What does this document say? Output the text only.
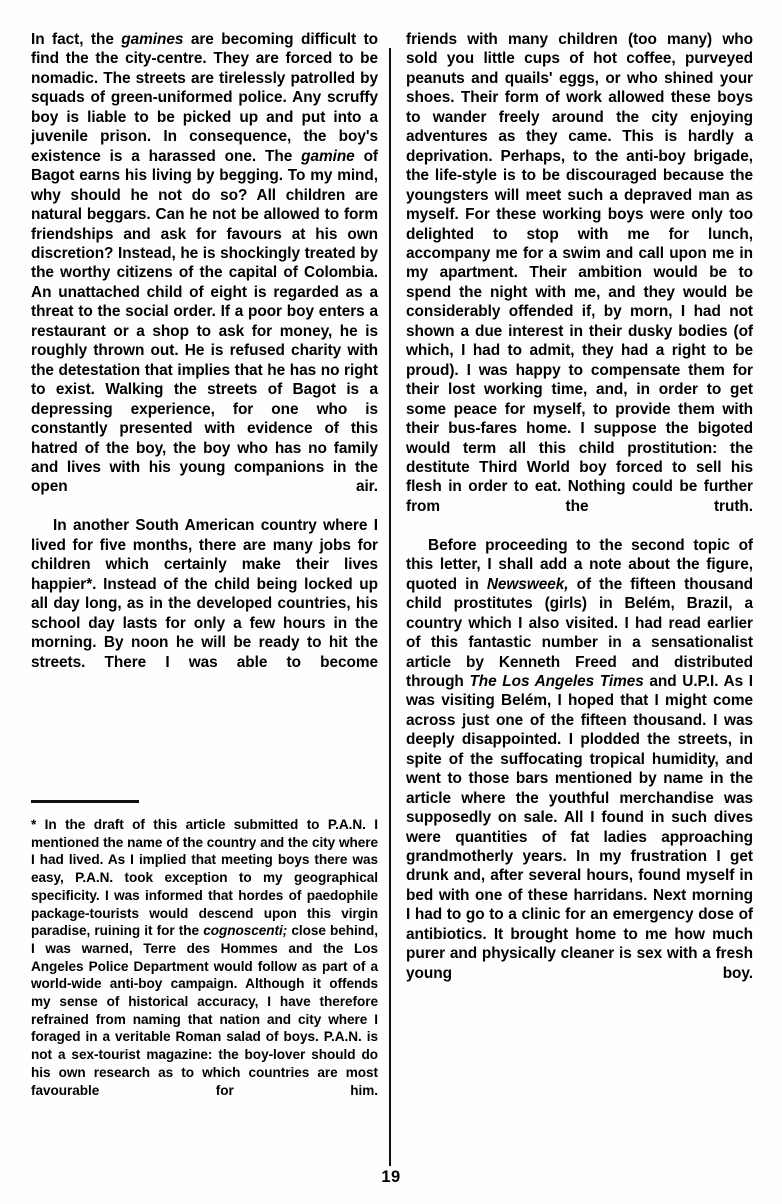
In fact, the gamines are becoming difficult to find the the city-centre. They are forced to be nomadic. The streets are tirelessly patrolled by squads of green-uniformed police. Any scruffy boy is liable to be picked up and put into a juvenile prison. In consequence, the boy's existence is a harassed one. The gamine of Bagot earns his living by begging. To my mind, why should he not do so? All children are natural beggars. Can he not be allowed to form friendships and ask for favours at his own discretion? Instead, he is shockingly treated by the worthy citizens of the capital of Colombia. An unattached child of eight is regarded as a threat to the social order. If a poor boy enters a restaurant or a shop to ask for money, he is roughly thrown out. He is refused charity with the detestation that implies that he has no right to exist. Walking the streets of Bagot is a depressing experience, for one who is constantly presented with evidence of this hatred of the boy, the boy who has no family and lives with his young companions in the open air.

In another South American country where I lived for five months, there are many jobs for children which certainly make their lives happier*. Instead of the child being locked up all day long, as in the developed countries, his school day lasts for only a few hours in the morning. By noon he will be ready to hit the streets. There I was able to become

friends with many children (too many) who sold you little cups of hot coffee, purveyed peanuts and quails' eggs, or who shined your shoes. Their form of work allowed these boys to wander freely around the city enjoying adventures as they came. This is hardly a deprivation. Perhaps, to the anti-boy brigade, the life-style is to be discouraged because the youngsters will meet such a depraved man as myself. For these working boys were only too delighted to stop with me for lunch, accompany me for a swim and call upon me in my apartment. Their ambition would be to spend the night with me, and they would be considerably offended if, by morn, I had not shown a due interest in their dusky bodies (of which, I had to admit, they had a right to be proud). I was happy to compensate them for their lost working time, and, in order to get some peace for myself, to provide them with their bus-fares home. I suppose the bigoted would term all this child prostitution: the destitute Third World boy forced to sell his flesh in order to eat. Nothing could be further from the truth.

Before proceeding to the second topic of this letter, I shall add a note about the figure, quoted in Newsweek, of the fifteen thousand child prostitutes (girls) in Belém, Brazil, a country which I also visited. I had read earlier of this fantastic number in a sensationalist article by Kenneth Freed and distributed through The Los Angeles Times and U.P.I. As I was visiting Belém, I hoped that I might come across just one of the fifteen thousand. I was deeply disappointed. I plodded the streets, in spite of the suffocating tropical humidity, and went to those bars mentioned by name in the article where the youthful merchandise was supposedly on sale. All I found in such dives were quantities of fat ladies approaching grandmotherly years. In my frustration I get drunk and, after several hours, found myself in bed with one of these harridans. Next morning I had to go to a clinic for an emergency dose of antibiotics. It brought home to me how much purer and physically cleaner is sex with a fresh young boy.

* In the draft of this article submitted to P.A.N. I mentioned the name of the country and the city where I had lived. As I implied that meeting boys there was easy, P.A.N. took exception to my geographical specificity. I was informed that hordes of paedophile package-tourists would descend upon this virgin paradise, ruining it for the cognoscenti; close behind, I was warned, Terre des Hommes and the Los Angeles Police Department would follow as part of a world-wide anti-boy campaign. Although it offends my sense of historical accuracy, I have therefore refrained from naming that nation and city where I foraged in a veritable Roman salad of boys. P.A.N. is not a sex-tourist magazine: the boy-lover should do his own research as to which countries are most favourable for him.

19
